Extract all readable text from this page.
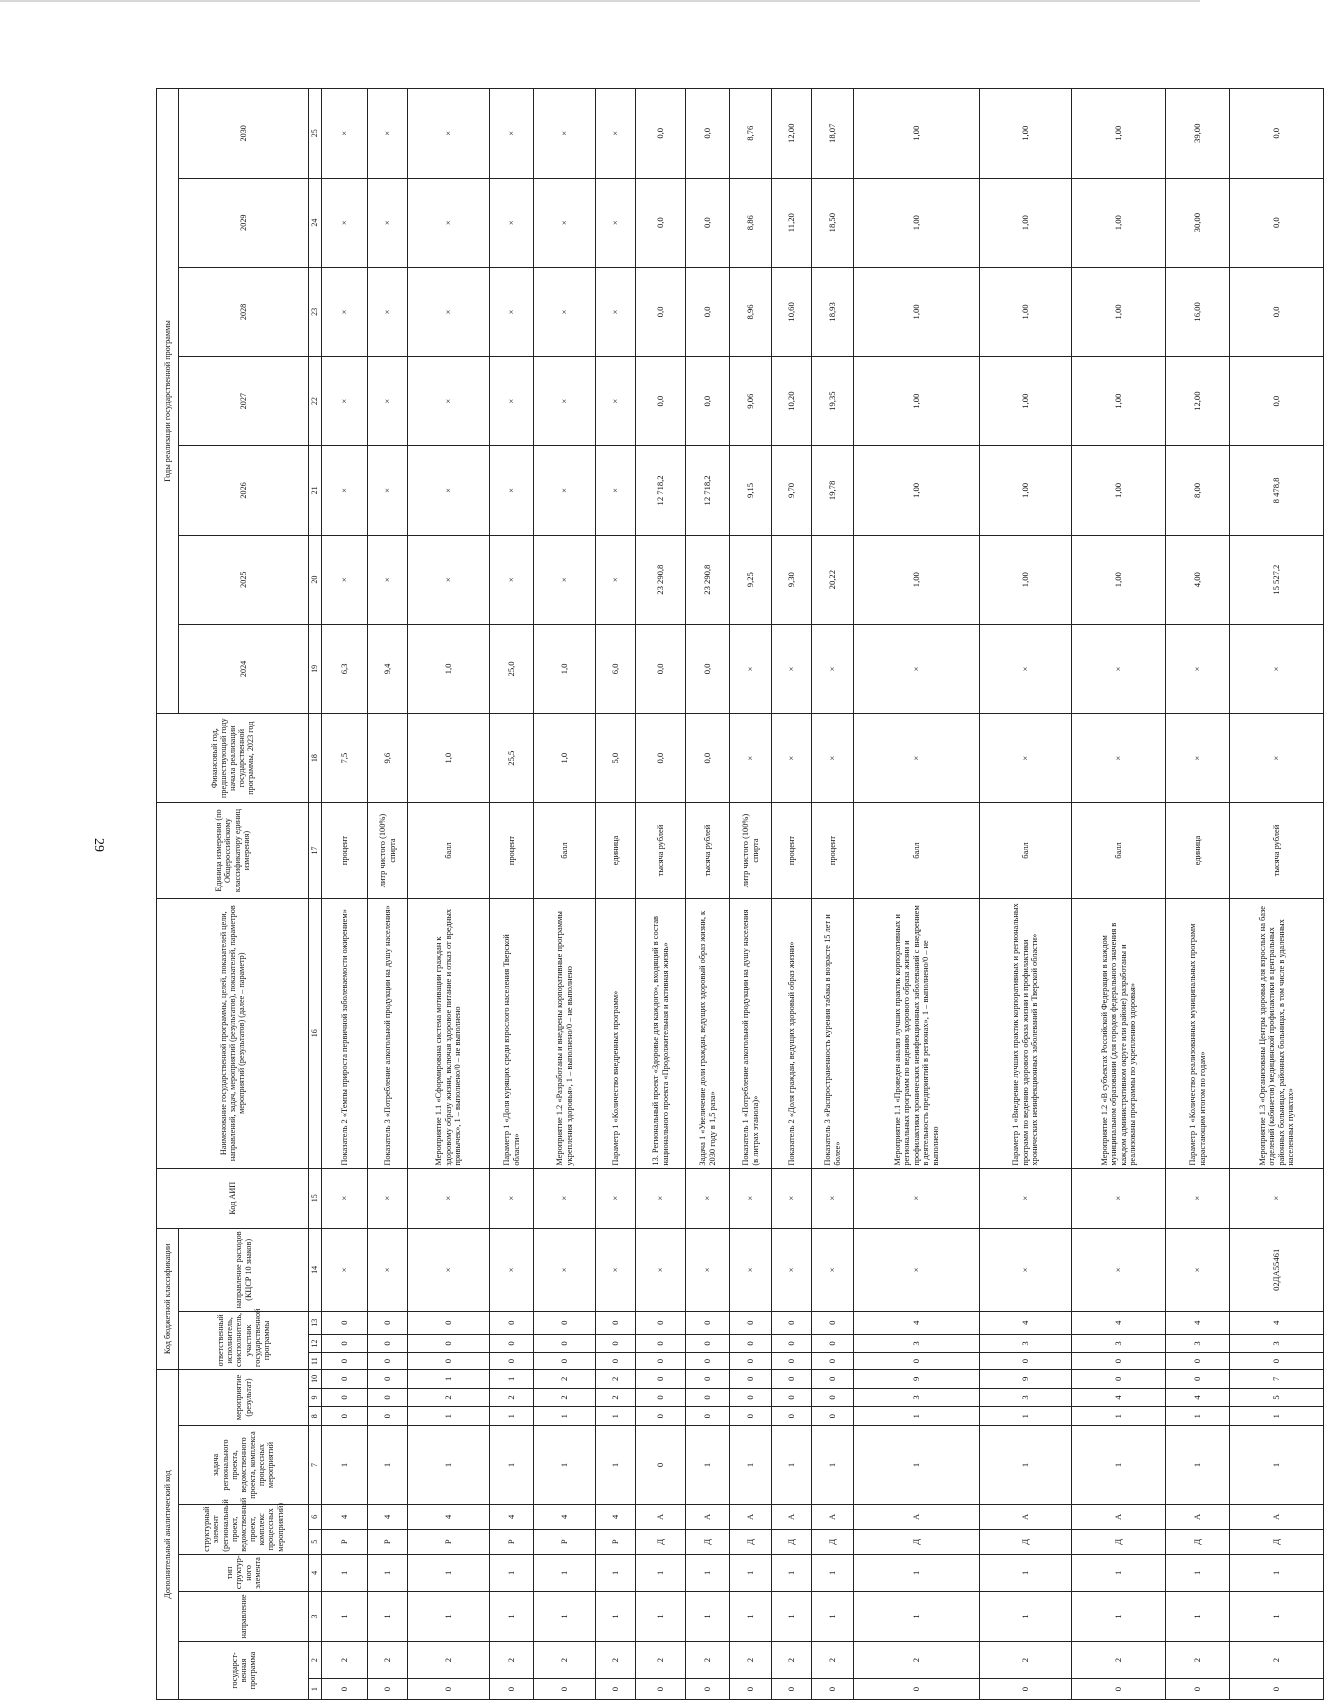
29
Дополнительный аналитический код										Код бюджетной классификации				Код АИП	Наименование государственной программы, целей, показателей цели, направлений, задач, мероприятий (результатов), показателей, параметров мероприятий (результатов) (далее – параметр)	Единица измерения (по Общероссийскому классификатору единиц измерения)	Финансовый год, предшествующий году начала реализации государственной программы, 2023 год	Годы реализации государственной программы						
государст-венная программа		направление	тип структур-ного элемента	структурный элемент (региональный проект, ведомственный проект, комплекс процессных мероприятий)		задача регионального проекта, ведомственного проекта, комплекса процессных мероприятий	мероприятие (результат)			ответственный исполнитель, соисполнитель, участник государственной программы			направление расходов (КЦСР 10 знаков)					2024	2025	2026	2027	2028	2029	2030

1	2	3	4	5	6	7	8	9	10	11	12	13	14	15	16	17	18	19	20	21	22	23	24	25
0	2	1	1	Р	4	1	0	0	0	0	0	0	×	×	Показатель 2 «Темпы прироста первичной заболеваемости ожирением»	процент	7,5	6,3	×	×	×	×	×	×
0	2	1	1	Р	4	1	0	0	0	0	0	0	×	×	Показатель 3 «Потребление алкогольной продукции на душу населения»	литр чистого (100%) спирта	9,6	9,4	×	×	×	×	×	×
0	2	1	1	Р	4	1	1	2	1	0	0	0	×	×	Мероприятие 1.1 «Сформирована система мотивации граждан к здоровому образу жизни, включая здоровое питание и отказ от вредных привычек», 1 – выполнено/0 – не выполнено	балл	1,0	1,0	×	×	×	×	×	×
0	2	1	1	Р	4	1	1	2	1	0	0	0	×	×	Параметр 1 «Доля курящих среди взрослого населения Тверской области»	процент	25,5	25,0	×	×	×	×	×	×
0	2	1	1	Р	4	1	1	2	2	0	0	0	×	×	Мероприятие 1.2 «Разработаны и внедрены корпоративные программы укрепления здоровья», 1 – выполнено/0 – не выполнено	балл	1,0	1,0	×	×	×	×	×	×
0	2	1	1	Р	4	1	1	2	2	0	0	0	×	×	Параметр 1 «Количество внедренных программ»	единица	5,0	6,0	×	×	×	×	×	×
0	2	1	1	Д	А	0	0	0	0	0	0	0	×	×	13. Региональный проект «Здоровье для каждого», входящий в состав национального проекта «Продолжительная и активная жизнь»	тысяча рублей	0,0	0,0	23 290,8	12 718,2	0,0	0,0	0,0	0,0
0	2	1	1	Д	А	1	0	0	0	0	0	0	×	×	Задача 1 «Увеличение доли граждан, ведущих здоровый образ жизни, к 2030 году в 1,5 раза»	тысяча рублей	0,0	0,0	23 290,8	12 718,2	0,0	0,0	0,0	0,0
0	2	1	1	Д	А	1	0	0	0	0	0	0	×	×	Показатель 1 «Потребление алкогольной продукции на душу населения (в литрах этанола)»	литр чистого (100%) спирта	×	×	9,25	9,15	9,06	8,96	8,86	8,76
0	2	1	1	Д	А	1	0	0	0	0	0	0	×	×	Показатель 2 «Доля граждан, ведущих здоровый образ жизни»	процент	×	×	9,30	9,70	10,20	10,60	11,20	12,00
0	2	1	1	Д	А	1	0	0	0	0	0	0	×	×	Показатель 3 «Распространенность курения табака в возрасте 15 лет и более»	процент	×	×	20,22	19,78	19,35	18,93	18,50	18,07
0	2	1	1	Д	А	1	1	3	9	0	3	4	×	×	Мероприятие 1.1 «Проведен анализ лучших практик корпоративных и региональных программ по ведению здорового образа жизни и профилактики хронических неинфекционных заболеваний с внедрением в деятельность предприятий в регионах», 1 – выполнено/0 – не выполнено	балл	×	×	1,00	1,00	1,00	1,00	1,00	1,00
0	2	1	1	Д	А	1	1	3	9	0	3	4	×	×	Параметр 1 «Внедрение лучших практик корпоративных и региональных программ по ведению здорового образа жизни и профилактики хронических неинфекционных заболеваний в Тверской области»	балл	×	×	1,00	1,00	1,00	1,00	1,00	1,00
0	2	1	1	Д	А	1	1	4	0	0	3	4	×	×	Мероприятие 1.2 «В субъектах Российской Федерации в каждом муниципальном образовании (для городов федерального значения в каждом административном округе или районе) разработаны и реализованы программы по укреплению здоровья»	балл	×	×	1,00	1,00	1,00	1,00	1,00	1,00
0	2	1	1	Д	А	1	1	4	0	0	3	4	×	×	Параметр 1 «Количество реализованных муниципальных программ нарастающим итогом по годам»	единица	×	×	4,00	8,00	12,00	16,00	30,00	39,00
0	2	1	1	Д	А	1	1	5	7	0	3	4	02ДА55461	×	Мероприятие 1.3 «Организованы Центры здоровья для взрослых на базе отделений (кабинетов) медицинской профилактики в центральных районных больницах, районных больницах, в том числе в удаленных населенных пунктах»	тысяча рублей	×	×	15 527,2	8 478,8	0,0	0,0	0,0	0,0
